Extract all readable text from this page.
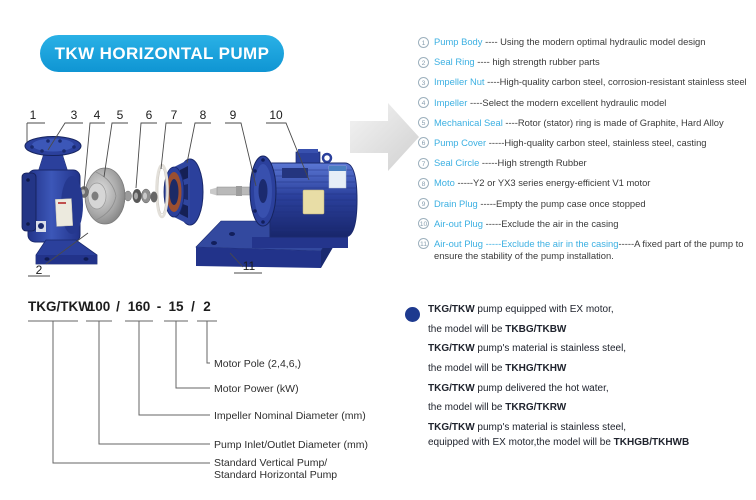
TKW HORIZONTAL PUMP
1	3 4 5 6 7 8 9	10
2	11
1 Pump Body ---- Using the modern optimal hydraulic model design
2 Seal Ring ---- high strength rubber parts
3 Impeller Nut ----High-quality carbon steel, corrosion-resistant stainless steel
4 Impeller ----Select the modern excellent hydraulic model
5 Mechanical Seal ----Rotor (stator) ring is made of Graphite, Hard Alloy
6 Pump Cover -----High-quality carbon steel, stainless steel, casting
7 Seal Circle -----High strength Rubber
8 Moto -----Y2 or YX3 series energy-efficient V1 motor
9 Drain Plug -----Empty the pump case once stopped
10 Air-out Plug -----Exclude the air in the casing
11 Air-out Plug -----Exclude the air in the casing-----A fixed part of the pump to ensure the stability of the pump installation.
TKG/TKW
100 / 160 - 15 / 2
Motor Pole (2,4,6,)
Motor Power (kW)
Impeller Nominal Diameter (mm)
Pump Inlet/Outlet Diameter (mm)
Standard Vertical Pump/
Standard Horizontal Pump
TKG/TKW pump equipped with EX motor,
the model will be TKBG/TKBW
TKG/TKW pump's material is stainless steel,
the model will be TKHG/TKHW
TKG/TKW pump delivered the hot water,
the model will be TKRG/TKRW
TKG/TKW pump's material is stainless steel,
equipped with EX motor,the model will be TKHGB/TKHWB
